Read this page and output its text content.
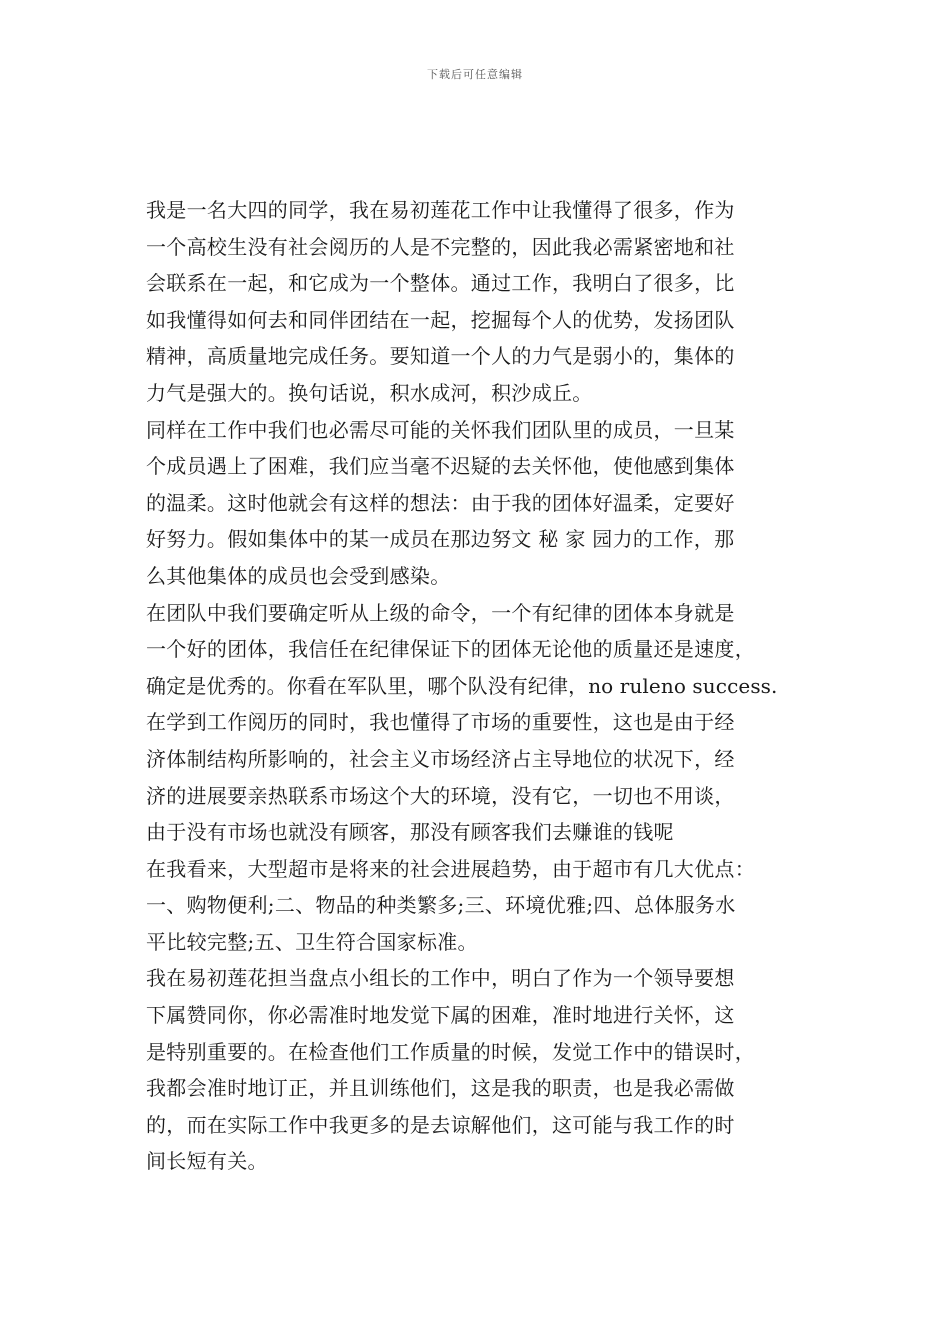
下载后可任意编辑
我是一名大四的同学，我在易初莲花工作中让我懂得了很多，作为
一个高校生没有社会阅历的人是不完整的，因此我必需紧密地和社
会联系在一起，和它成为一个整体。通过工作，我明白了很多，比
如我懂得如何去和同伴团结在一起，挖掘每个人的优势，发扬团队
精神，高质量地完成任务。要知道一个人的力气是弱小的，集体的
力气是强大的。换句话说，积水成河，积沙成丘。
同样在工作中我们也必需尽可能的关怀我们团队里的成员，一旦某
个成员遇上了困难，我们应当毫不迟疑的去关怀他，使他感到集体
的温柔。这时他就会有这样的想法：由于我的团体好温柔，定要好
好努力。假如集体中的某一成员在那边努文 秘 家 园力的工作，那
么其他集体的成员也会受到感染。
在团队中我们要确定听从上级的命令，一个有纪律的团体本身就是
一个好的团体，我信任在纪律保证下的团体无论他的质量还是速度，
确定是优秀的。你看在军队里，哪个队没有纪律，no ruleno success.
在学到工作阅历的同时，我也懂得了市场的重要性，这也是由于经
济体制结构所影响的，社会主义市场经济占主导地位的状况下，经
济的进展要亲热联系市场这个大的环境，没有它，一切也不用谈，
由于没有市场也就没有顾客，那没有顾客我们去赚谁的钱呢
在我看来，大型超市是将来的社会进展趋势，由于超市有几大优点：
一、购物便利;二、物品的种类繁多;三、环境优雅;四、总体服务水
平比较完整;五、卫生符合国家标准。
我在易初莲花担当盘点小组长的工作中，明白了作为一个领导要想
下属赞同你，你必需准时地发觉下属的困难，准时地进行关怀，这
是特别重要的。在检查他们工作质量的时候，发觉工作中的错误时，
我都会准时地订正，并且训练他们，这是我的职责，也是我必需做
的，而在实际工作中我更多的是去谅解他们，这可能与我工作的时
间长短有关。
